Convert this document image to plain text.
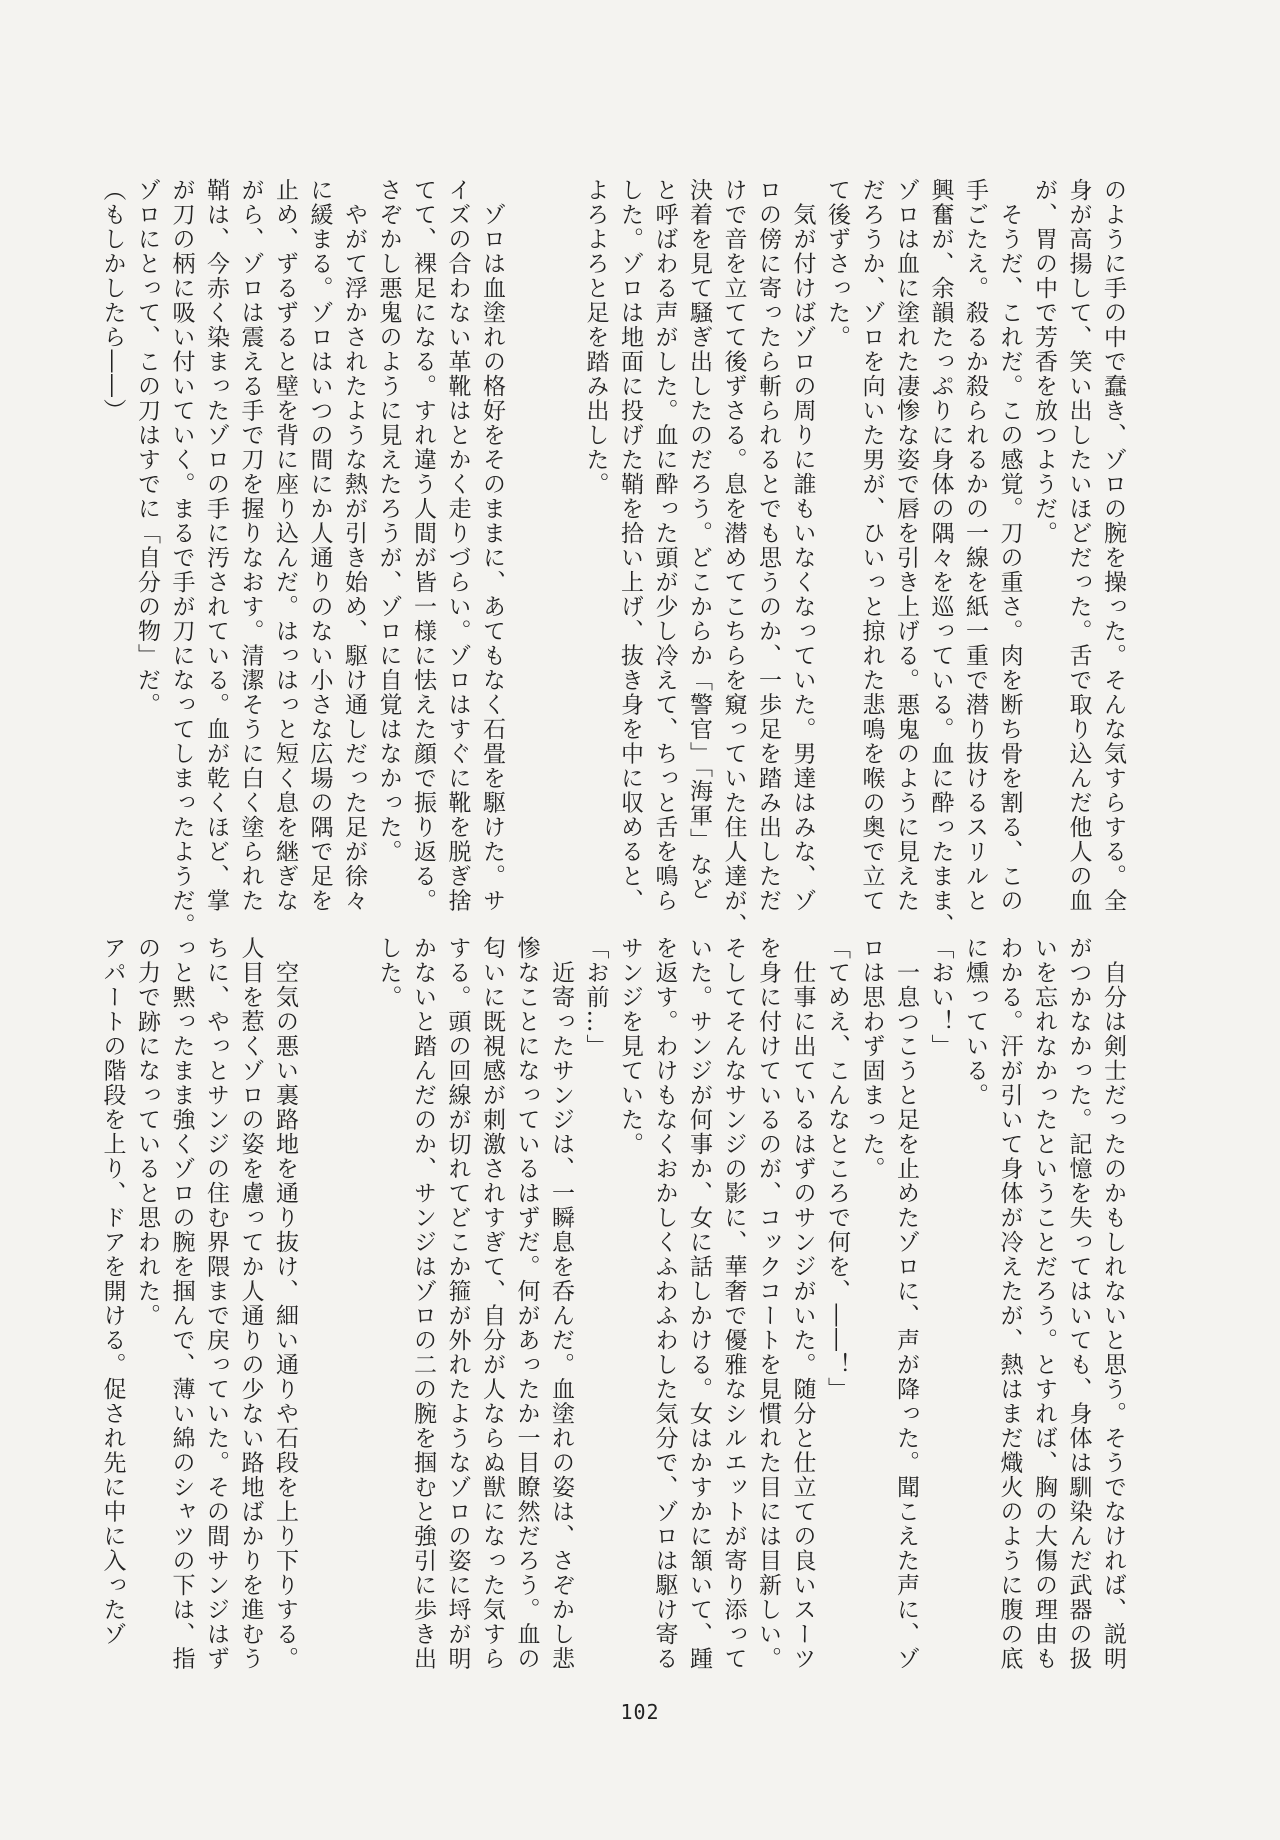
のように手の中で蠢き、ゾロの腕を操った。そんな気すらする。全

身が高揚して、笑い出したいほどだった。舌で取り込んだ他人の血

が、胃の中で芳香を放つようだ。

　そうだ、これだ。この感覚。刀の重さ。肉を断ち骨を割る、この

手ごたえ。殺るか殺られるかの一線を紙一重で潜り抜けるスリルと

興奮が、余韻たっぷりに身体の隅々を巡っている。血に酔ったまま、

ゾロは血に塗れた凄惨な姿で唇を引き上げる。悪鬼のように見えた

だろうか、ゾロを向いた男が、ひいっと掠れた悲鳴を喉の奥で立て

て後ずさった。

　気が付けばゾロの周りに誰もいなくなっていた。男達はみな、ゾ

ロの傍に寄ったら斬られるとでも思うのか、一歩足を踏み出しただ

けで音を立てて後ずさる。息を潜めてこちらを窺っていた住人達が、

決着を見て騒ぎ出したのだろう。どこからか「警官」「海軍」など

と呼ばわる声がした。血に酔った頭が少し冷えて、ちっと舌を鳴ら

した。ゾロは地面に投げた鞘を拾い上げ、抜き身を中に収めると、

よろよろと足を踏み出した。

　ゾロは血塗れの格好をそのままに、あてもなく石畳を駆けた。サ

イズの合わない革靴はとかく走りづらい。ゾロはすぐに靴を脱ぎ捨

てて、裸足になる。すれ違う人間が皆一様に怯えた顔で振り返る。

さぞかし悪鬼のように見えたろうが、ゾロに自覚はなかった。

　やがて浮かされたような熱が引き始め、駆け通しだった足が徐々

に緩まる。ゾロはいつの間にか人通りのない小さな広場の隅で足を

止め、ずるずると壁を背に座り込んだ。はっはっと短く息を継ぎな

がら、ゾロは震える手で刀を握りなおす。清潔そうに白く塗られた

鞘は、今赤く染まったゾロの手に汚されている。血が乾くほど、掌

が刀の柄に吸い付いていく。まるで手が刀になってしまったようだ。

ゾロにとって、この刀はすでに「自分の物」だ。

（もしかしたら――）

　自分は剣士だったのかもしれないと思う。そうでなければ、説明

がつかなかった。記憶を失ってはいても、身体は馴染んだ武器の扱

いを忘れなかったということだろう。とすれば、胸の大傷の理由も

わかる。汗が引いて身体が冷えたが、熱はまだ熾火のように腹の底

に燻っている。

「おい！」

　一息つこうと足を止めたゾロに、声が降った。聞こえた声に、ゾ

ロは思わず固まった。

「てめえ、こんなところで何を、――！」

　仕事に出ているはずのサンジがいた。随分と仕立ての良いスーツ

を身に付けているのが、コックコートを見慣れた目には目新しい。

そしてそんなサンジの影に、華奢で優雅なシルエットが寄り添って

いた。サンジが何事か、女に話しかける。女はかすかに頷いて、踵

を返す。わけもなくおかしくふわふわした気分で、ゾロは駆け寄る

サンジを見ていた。

「お前…」

　近寄ったサンジは、一瞬息を呑んだ。血塗れの姿は、さぞかし悲

惨なことになっているはずだ。何があったか一目瞭然だろう。血の

匂いに既視感が刺激されすぎて、自分が人ならぬ獣になった気すら

する。頭の回線が切れてどこか箍が外れたようなゾロの姿に埒が明

かないと踏んだのか、サンジはゾロの二の腕を掴むと強引に歩き出

した。

　空気の悪い裏路地を通り抜け、細い通りや石段を上り下りする。

人目を惹くゾロの姿を慮ってか人通りの少ない路地ばかりを進むう

ちに、やっとサンジの住む界隈まで戻っていた。その間サンジはず

っと黙ったまま強くゾロの腕を掴んで、薄い綿のシャツの下は、指

の力で跡になっていると思われた。

アパートの階段を上り、ドアを開ける。促され先に中に入ったゾ

102
